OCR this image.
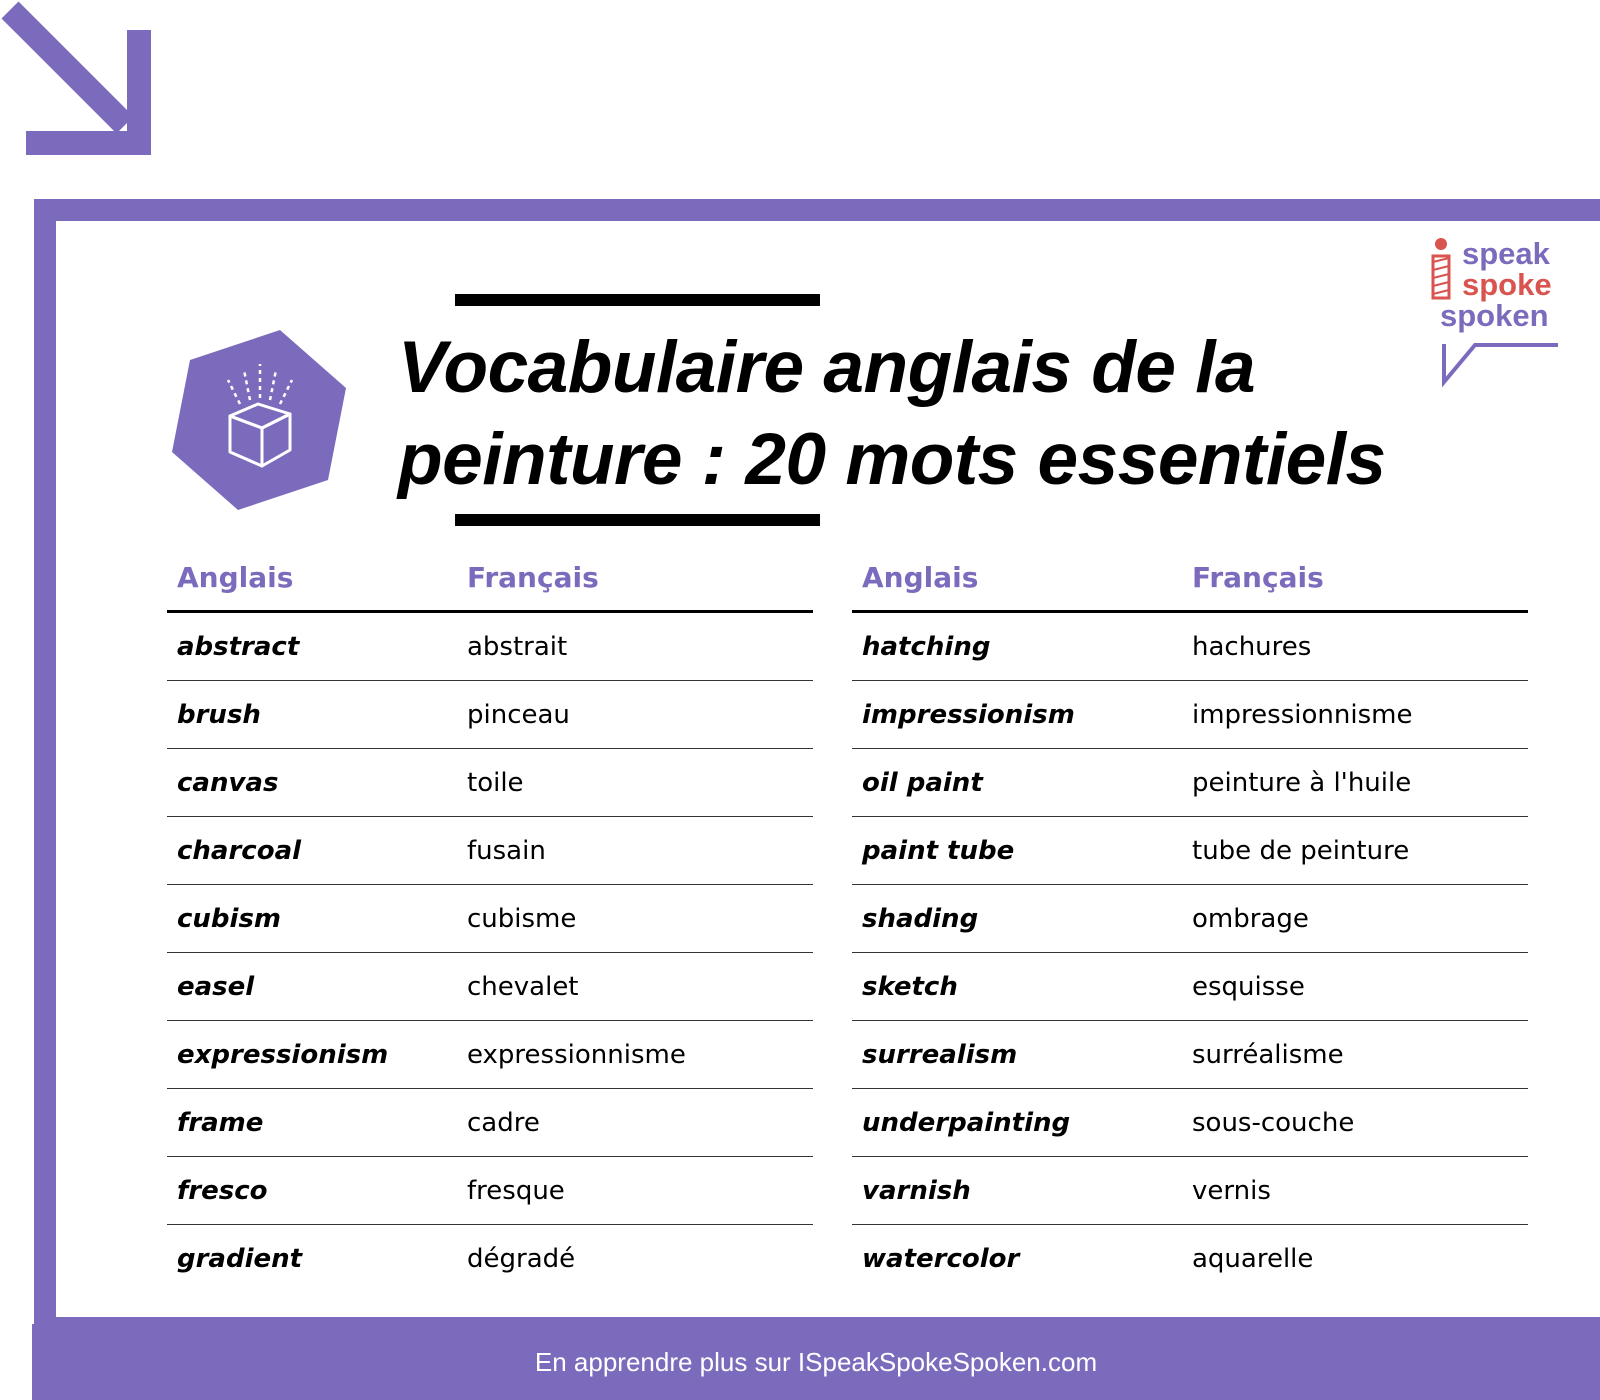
Vocabulaire anglais de la peinture : 20 mots essentiels
speak
spoke
spoken
Anglais	Français
abstract	abstrait
brush	pinceau
canvas	toile
charcoal	fusain
cubism	cubisme
easel	chevalet
expressionism	expressionnisme
frame	cadre
fresco	fresque
gradient	dégradé
Anglais	Français
hatching	hachures
impressionism	impressionnisme
oil paint	peinture à l'huile
paint tube	tube de peinture
shading	ombrage
sketch	esquisse
surrealism	surréalisme
underpainting	sous-couche
varnish	vernis
watercolor	aquarelle
En apprendre plus sur ISpeakSpokeSpoken.com
